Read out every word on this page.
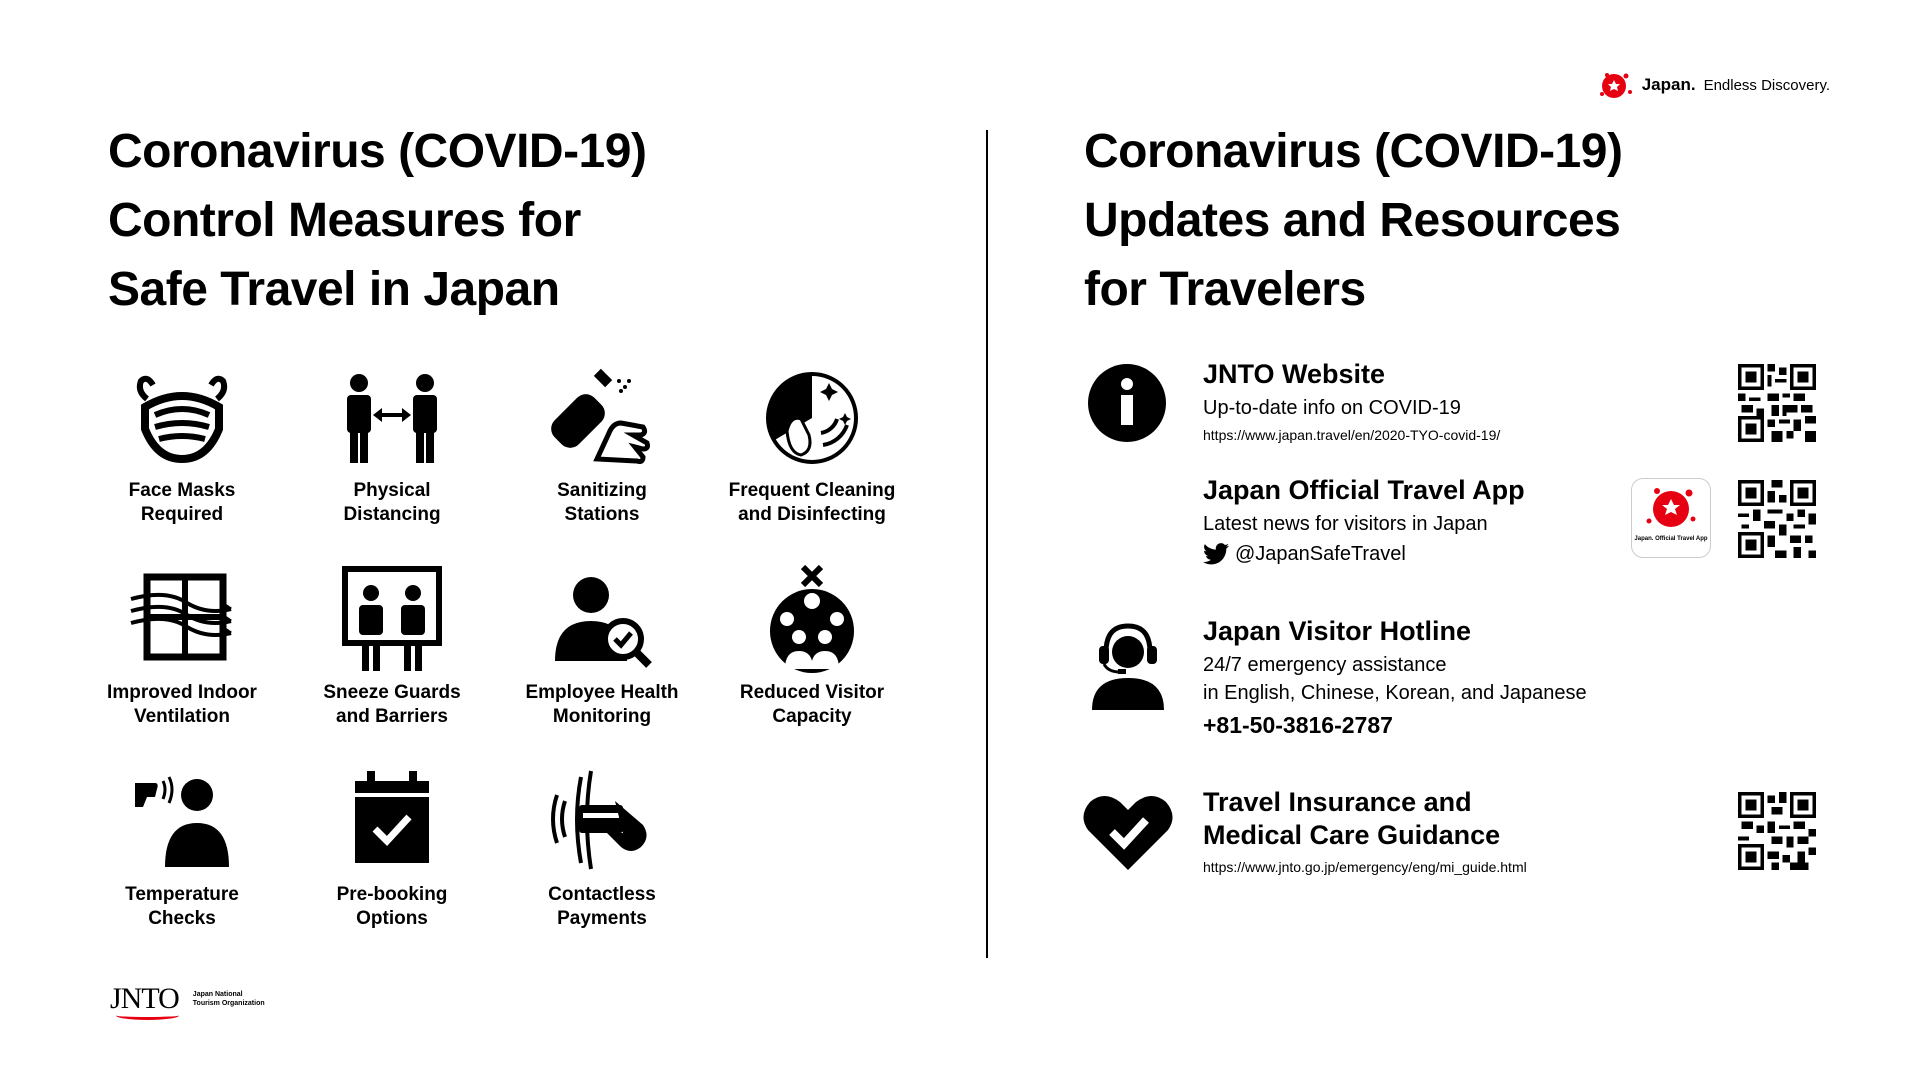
Japan. Endless Discovery.
Coronavirus (COVID-19)
Control Measures for
Safe Travel in Japan
Face Masks
Required
Physical
Distancing
Sanitizing
Stations
Frequent Cleaning
and Disinfecting
Improved Indoor
Ventilation
Sneeze Guards
and Barriers
Employee Health
Monitoring
Reduced Visitor
Capacity
Temperature
Checks
Pre-booking
Options
Contactless
Payments
Coronavirus (COVID-19)
Updates and Resources
for Travelers
JNTO Website
Up-to-date info on COVID-19
https://www.japan.travel/en/2020-TYO-covid-19/
Japan Official Travel App
Latest news for visitors in Japan
@JapanSafeTravel
Japan. Official Travel App
Japan Visitor Hotline
24/7 emergency assistance
in English, Chinese, Korean, and Japanese
+81-50-3816-2787
Travel Insurance and
Medical Care Guidance
https://www.jnto.go.jp/emergency/eng/mi_guide.html
JNTO Japan National
Tourism Organization
